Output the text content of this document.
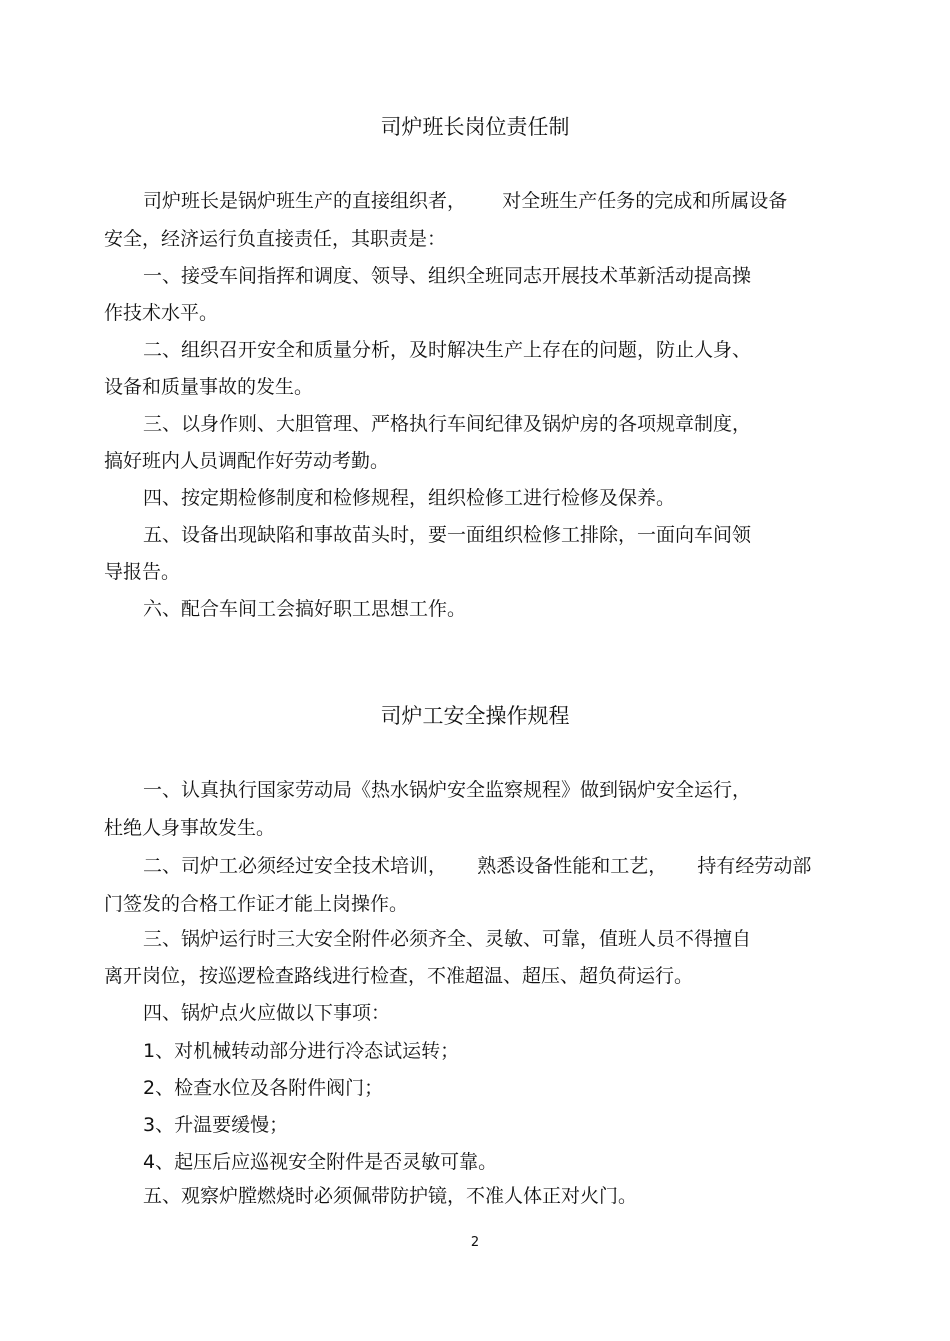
司炉班长岗位责任制
司炉班长是锅炉班生产的直接组织者，      对全班生产任务的完成和所属设备
安全，经济运行负直接责任，其职责是：
一、接受车间指挥和调度、领导、组织全班同志开展技术革新活动提高操
作技术水平。
二、组织召开安全和质量分析，及时解决生产上存在的问题，防止人身、
设备和质量事故的发生。
三、以身作则、大胆管理、严格执行车间纪律及锅炉房的各项规章制度，
搞好班内人员调配作好劳动考勤。
四、按定期检修制度和检修规程，组织检修工进行检修及保养。
五、设备出现缺陷和事故苗头时，要一面组织检修工排除，一面向车间领
导报告。
六、配合车间工会搞好职工思想工作。
司炉工安全操作规程
一、认真执行国家劳动局《热水锅炉安全监察规程》做到锅炉安全运行，
杜绝人身事故发生。
二、司炉工必须经过安全技术培训，     熟悉设备性能和工艺，     持有经劳动部
门签发的合格工作证才能上岗操作。
三、锅炉运行时三大安全附件必须齐全、灵敏、可靠，值班人员不得擅自
离开岗位，按巡逻检查路线进行检查，不准超温、超压、超负荷运行。
四、锅炉点火应做以下事项：
1、对机械转动部分进行冷态试运转；
2、检查水位及各附件阀门；
3、升温要缓慢；
4、起压后应巡视安全附件是否灵敏可靠。
五、观察炉膛燃烧时必须佩带防护镜，不准人体正对火门。
2
